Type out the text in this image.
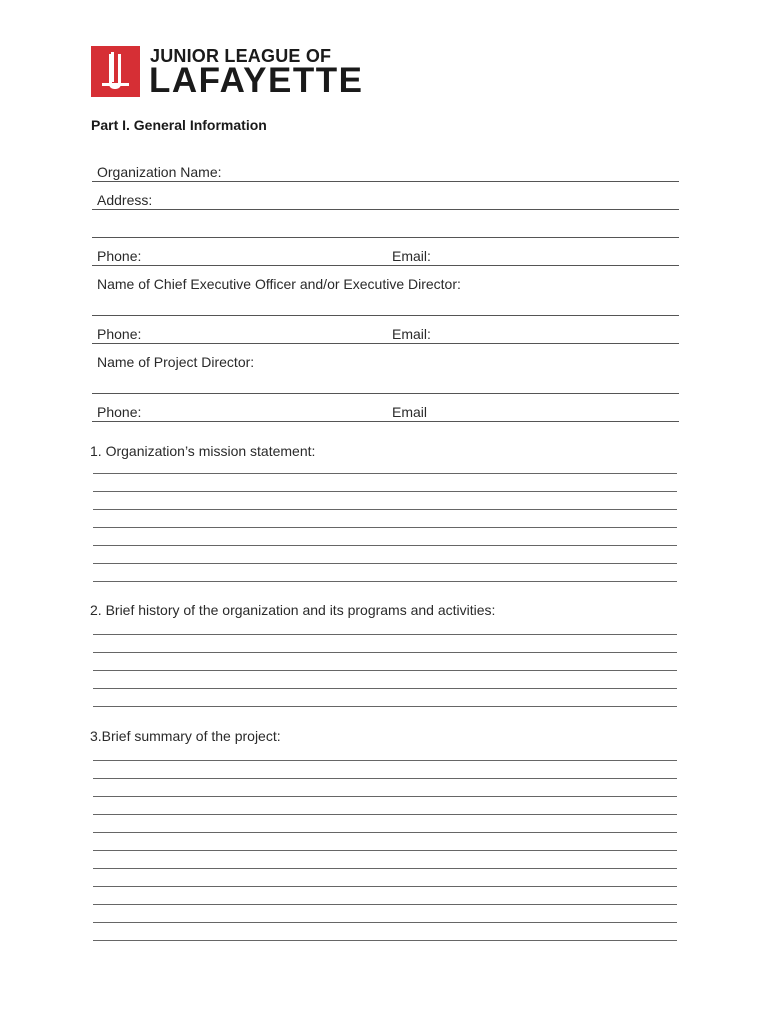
JUNIOR LEAGUE OF
LAFAYETTE
Part I. General Information
Organization Name:
Address:
Phone:	Email:
Name of Chief Executive Officer and/or Executive Director:
Phone:	Email:
Name of Project Director:
Phone:	Email
1. Organization’s mission statement:
2. Brief history of the organization and its programs and activities:
3.Brief summary of the project:
